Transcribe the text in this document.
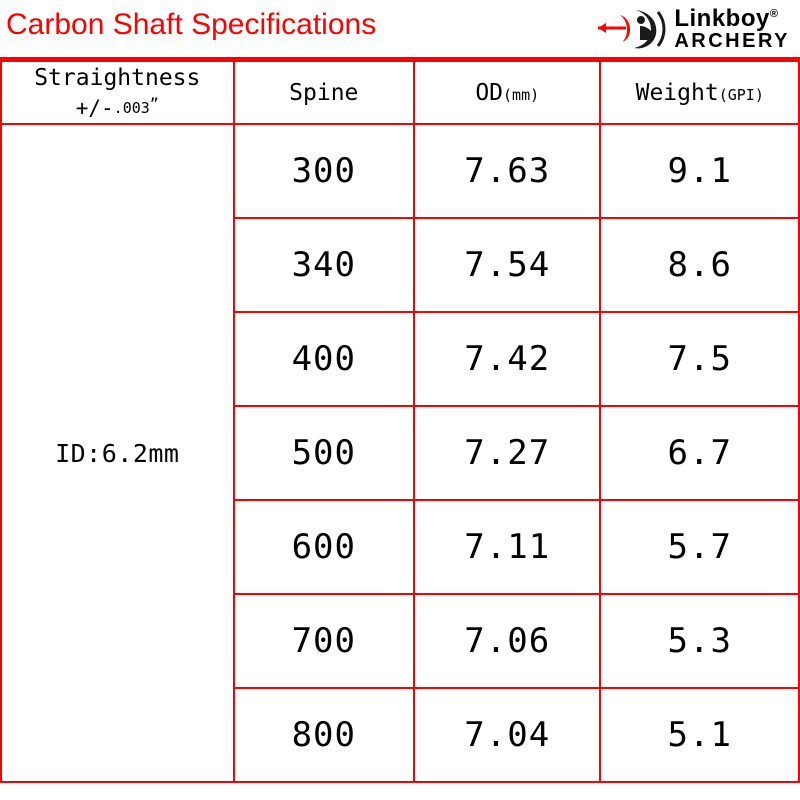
Carbon Shaft Specifications	Linkboy®
ARCHERY
Straightness
+/-.003”	Spine	OD(mm)	Weight(GPI)
ID:6.2mm	300	7.63	9.1
	340	7.54	8.6
	400	7.42	7.5
	500	7.27	6.7
	600	7.11	5.7
	700	7.06	5.3
	800	7.04	5.1
